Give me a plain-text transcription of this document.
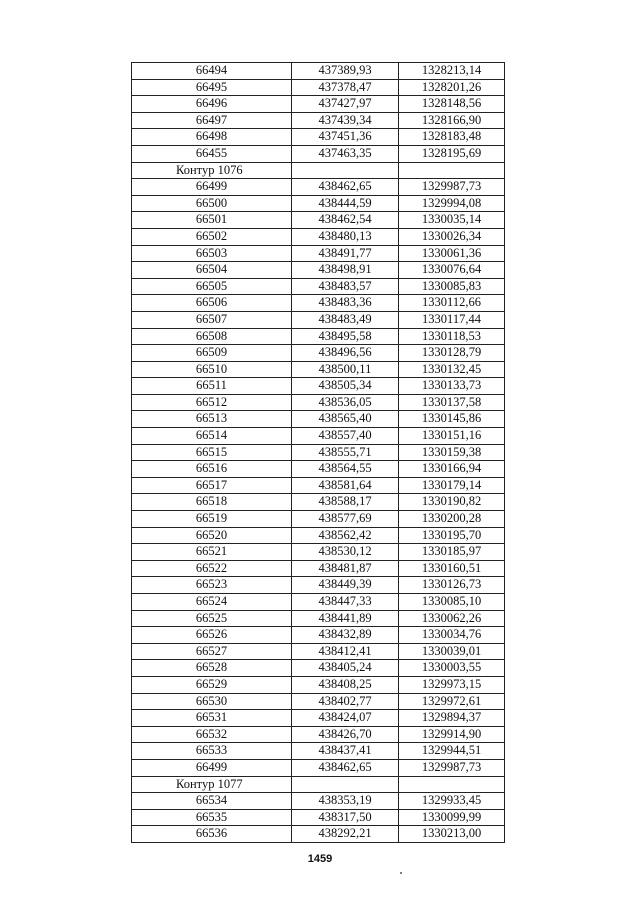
66494	437389,93	1328213,14
66495	437378,47	1328201,26
66496	437427,97	1328148,56
66497	437439,34	1328166,90
66498	437451,36	1328183,48
66455	437463,35	1328195,69
Контур 1076		
66499	438462,65	1329987,73
66500	438444,59	1329994,08
66501	438462,54	1330035,14
66502	438480,13	1330026,34
66503	438491,77	1330061,36
66504	438498,91	1330076,64
66505	438483,57	1330085,83
66506	438483,36	1330112,66
66507	438483,49	1330117,44
66508	438495,58	1330118,53
66509	438496,56	1330128,79
66510	438500,11	1330132,45
66511	438505,34	1330133,73
66512	438536,05	1330137,58
66513	438565,40	1330145,86
66514	438557,40	1330151,16
66515	438555,71	1330159,38
66516	438564,55	1330166,94
66517	438581,64	1330179,14
66518	438588,17	1330190,82
66519	438577,69	1330200,28
66520	438562,42	1330195,70
66521	438530,12	1330185,97
66522	438481,87	1330160,51
66523	438449,39	1330126,73
66524	438447,33	1330085,10
66525	438441,89	1330062,26
66526	438432,89	1330034,76
66527	438412,41	1330039,01
66528	438405,24	1330003,55
66529	438408,25	1329973,15
66530	438402,77	1329972,61
66531	438424,07	1329894,37
66532	438426,70	1329914,90
66533	438437,41	1329944,51
66499	438462,65	1329987,73
Контур 1077		
66534	438353,19	1329933,45
66535	438317,50	1330099,99
66536	438292,21	1330213,00
1459
